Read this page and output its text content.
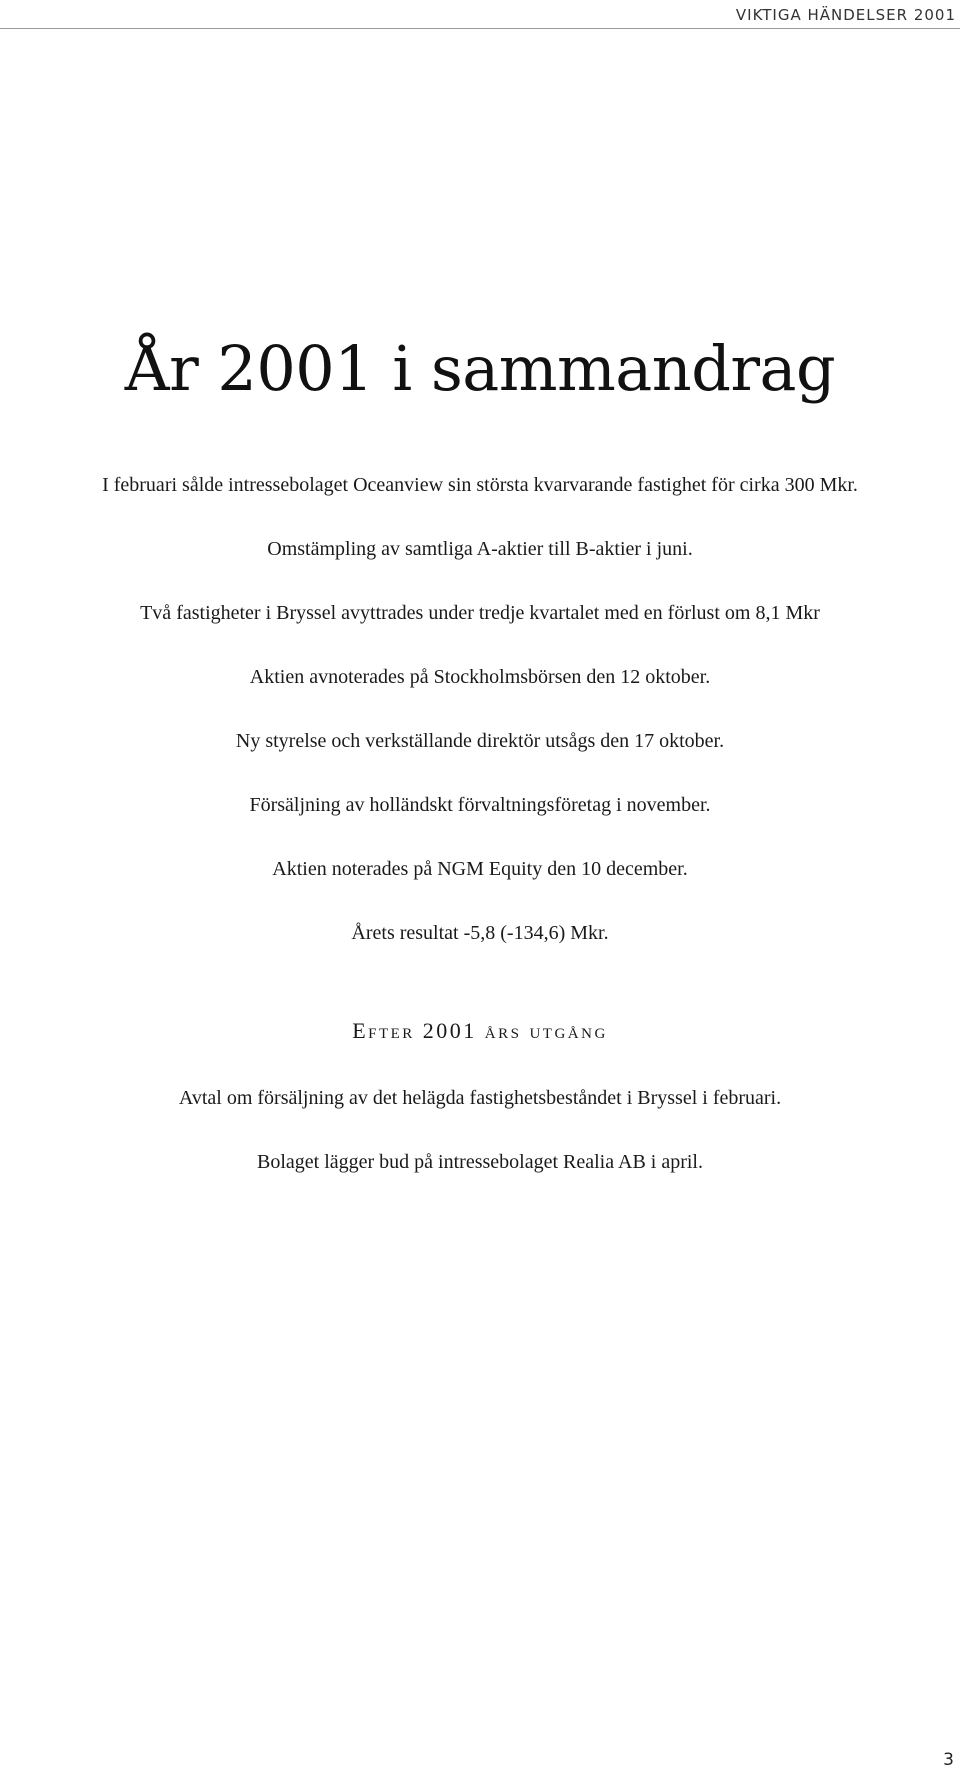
VIKTIGA HÄNDELSER 2001
År 2001 i sammandrag
I februari sålde intressebolaget Oceanview sin största kvarvarande fastighet för cirka 300 Mkr.
Omstämpling av samtliga A-aktier till B-aktier i juni.
Två fastigheter i Bryssel avyttrades under tredje kvartalet med en förlust om 8,1 Mkr
Aktien avnoterades på Stockholmsbörsen den 12 oktober.
Ny styrelse och verkställande direktör utsågs den 17 oktober.
Försäljning av holländskt förvaltningsföretag i november.
Aktien noterades på NGM Equity den 10 december.
Årets resultat -5,8 (-134,6) Mkr.
Efter 2001 års utgång
Avtal om försäljning av det helägda fastighetsbeståndet i Bryssel i februari.
Bolaget lägger bud på intressebolaget Realia AB i april.
3
